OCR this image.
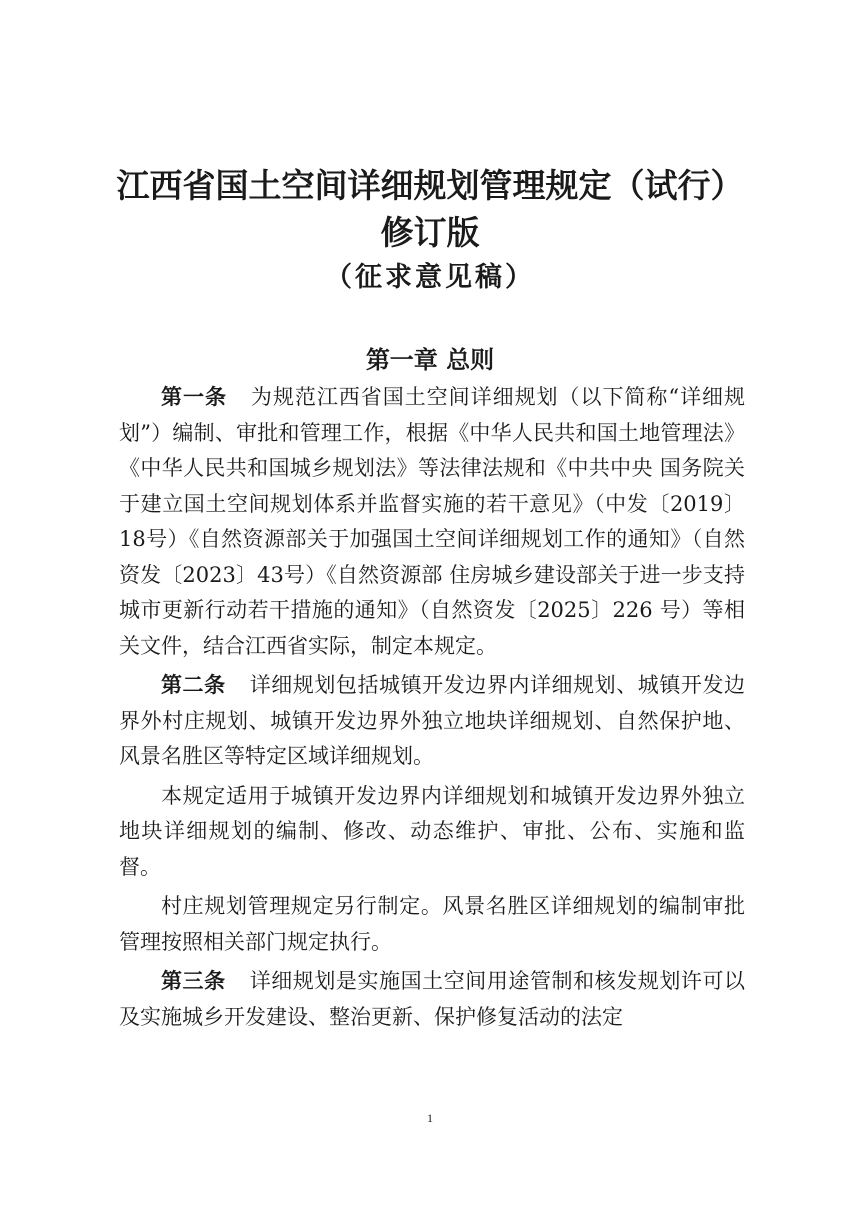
江西省国土空间详细规划管理规定（试行）
修订版
（征求意见稿）
第一章 总则

第一条 为规范江西省国土空间详细规划（以下简称“详细规划”）编制、审批和管理工作，根据《中华人民共和国土地管理法》《中华人民共和国城乡规划法》等法律法规和《中共中央 国务院关于建立国土空间规划体系并监督实施的若干意见》（中发〔2019〕18号）《自然资源部关于加强国土空间详细规划工作的通知》（自然资发〔2023〕43号）《自然资源部 住房城乡建设部关于进一步支持城市更新行动若干措施的通知》（自然资发〔2025〕226 号）等相关文件，结合江西省实际，制定本规定。

第二条 详细规划包括城镇开发边界内详细规划、城镇开发边界外村庄规划、城镇开发边界外独立地块详细规划、自然保护地、风景名胜区等特定区域详细规划。

本规定适用于城镇开发边界内详细规划和城镇开发边界外独立地块详细规划的编制、修改、动态维护、审批、公布、实施和监督。

村庄规划管理规定另行制定。风景名胜区详细规划的编制审批管理按照相关部门规定执行。

第三条 详细规划是实施国土空间用途管制和核发规划许可以及实施城乡开发建设、整治更新、保护修复活动的法定

1
